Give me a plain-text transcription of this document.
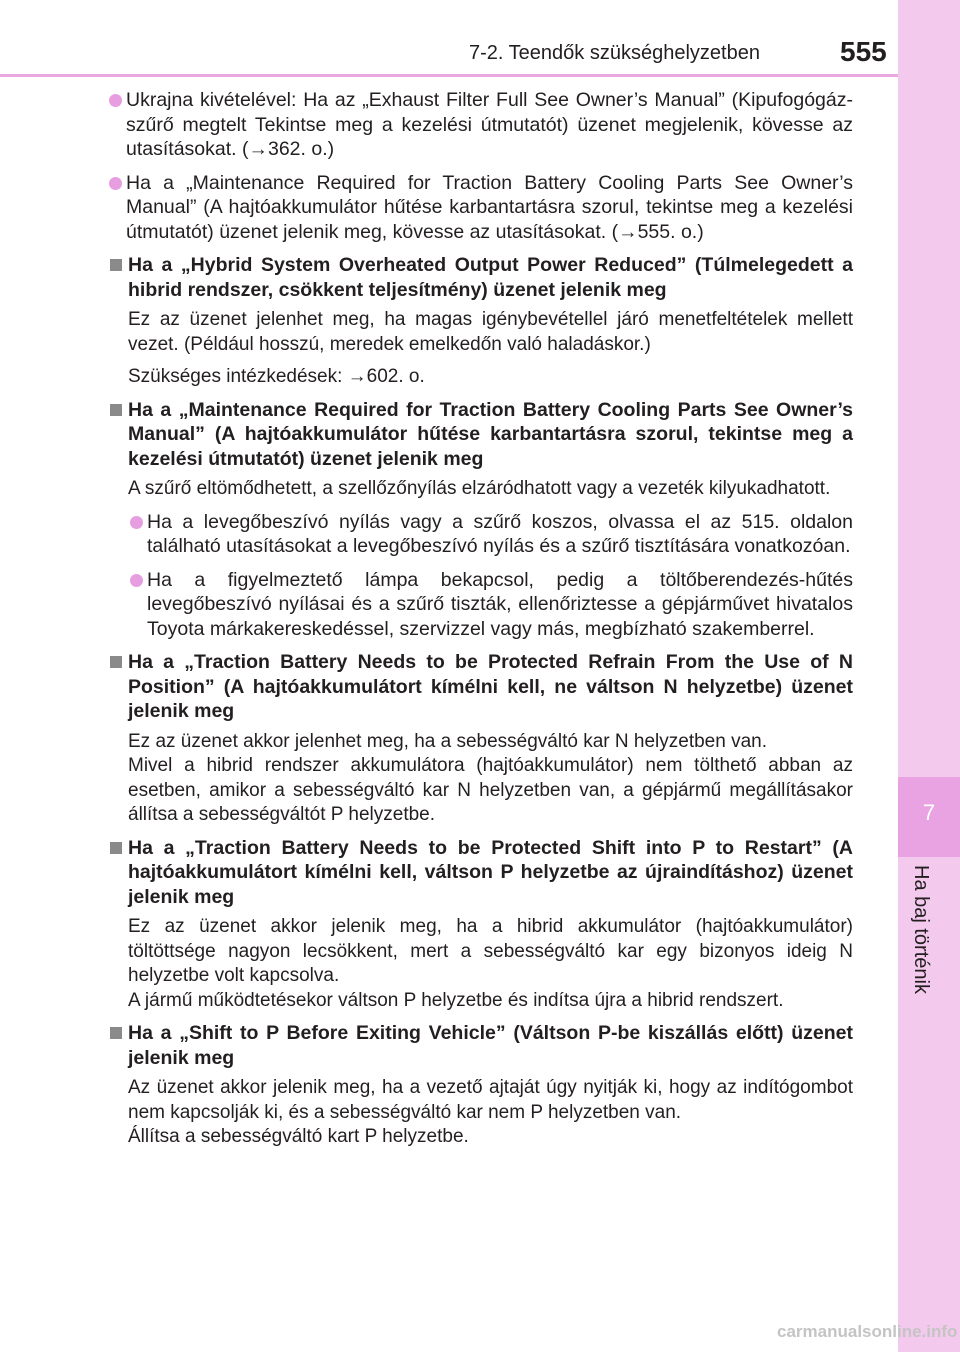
7-2. Teendők szükséghelyzetben	555
7
Ha baj történik
Ukrajna kivételével: Ha az „Exhaust Filter Full See Owner’s Manual” (Kipufogógáz-szűrő megtelt Tekintse meg a kezelési útmutatót) üzenet megjelenik, kövesse az utasításokat. (→362. o.)
Ha a „Maintenance Required for Traction Battery Cooling Parts See Owner’s Manual” (A hajtóakkumulátor hűtése karbantartásra szorul, tekintse meg a kezelési útmutatót) üzenet jelenik meg, kövesse az utasításokat. (→555. o.)
Ha a „Hybrid System Overheated Output Power Reduced” (Túlmelegedett a hibrid rendszer, csökkent teljesítmény) üzenet jelenik meg
Ez az üzenet jelenhet meg, ha magas igénybevétellel járó menetfeltételek mellett vezet. (Például hosszú, meredek emelkedőn való haladáskor.)
Szükséges intézkedések: →602. o.
Ha a „Maintenance Required for Traction Battery Cooling Parts See Owner’s Manual” (A hajtóakkumulátor hűtése karbantartásra szorul, tekintse meg a kezelési útmutatót) üzenet jelenik meg
A szűrő eltömődhetett, a szellőzőnyílás elzáródhatott vagy a vezeték kilyukadhatott.
Ha a levegőbeszívó nyílás vagy a szűrő koszos, olvassa el az 515. oldalon található utasításokat a levegőbeszívó nyílás és a szűrő tisztítására vonatkozóan.
Ha a figyelmeztető lámpa bekapcsol, pedig a töltőberendezés-hűtés levegőbeszívó nyílásai és a szűrő tiszták, ellenőriztesse a gépjárművet hivatalos Toyota márkakereskedéssel, szervizzel vagy más, megbízható szakemberrel.
Ha a „Traction Battery Needs to be Protected Refrain From the Use of N Position” (A hajtóakkumulátort kímélni kell, ne váltson N helyzetbe) üzenet jelenik meg
Ez az üzenet akkor jelenhet meg, ha a sebességváltó kar N helyzetben van.
Mivel a hibrid rendszer akkumulátora (hajtóakkumulátor) nem tölthető abban az esetben, amikor a sebességváltó kar N helyzetben van, a gépjármű megállításakor állítsa a sebességváltót P helyzetbe.
Ha a „Traction Battery Needs to be Protected Shift into P to Restart” (A hajtóakkumulátort kímélni kell, váltson P helyzetbe az újraindításhoz) üzenet jelenik meg
Ez az üzenet akkor jelenik meg, ha a hibrid akkumulátor (hajtóakkumulátor) töltöttsége nagyon lecsökkent, mert a sebességváltó kar egy bizonyos ideig N helyzetbe volt kapcsolva.
A jármű működtetésekor váltson P helyzetbe és indítsa újra a hibrid rendszert.
Ha a „Shift to P Before Exiting Vehicle” (Váltson P-be kiszállás előtt) üzenet jelenik meg
Az üzenet akkor jelenik meg, ha a vezető ajtaját úgy nyitják ki, hogy az indítógombot nem kapcsolják ki, és a sebességváltó kar nem P helyzetben van.
Állítsa a sebességváltó kart P helyzetbe.
carmanualsonline.info
